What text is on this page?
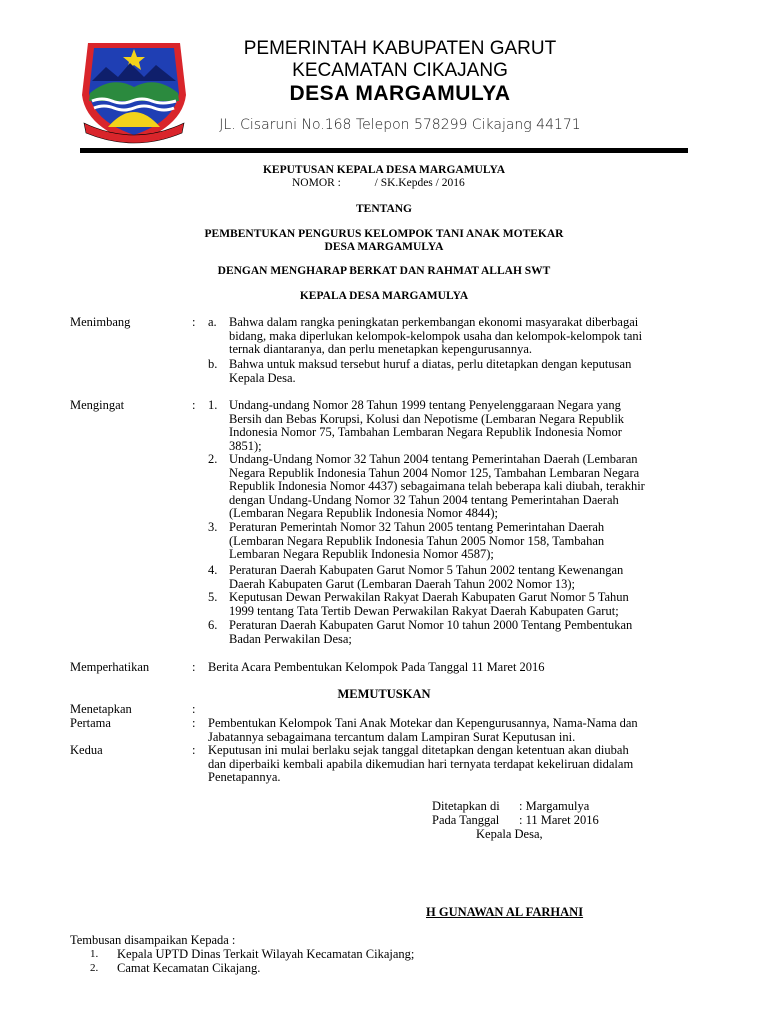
PEMERINTAH KABUPATEN GARUT
KECAMATAN CIKAJANG
DESA MARGAMULYA
JL. Cisaruni No.168 Telepon 578299 Cikajang 44171
KEPUTUSAN KEPALA DESA MARGAMULYA
NOMOR :	/ SK.Kepdes / 2016
TENTANG
PEMBENTUKAN PENGURUS KELOMPOK TANI ANAK MOTEKAR
DESA MARGAMULYA
DENGAN MENGHARAP BERKAT DAN RAHMAT ALLAH SWT
KEPALA DESA MARGAMULYA
Menimbang	: a. Bahwa dalam rangka peningkatan perkembangan ekonomi masyarakat diberbagai
bidang, maka diperlukan kelompok-kelompok usaha dan kelompok-kelompok tani
ternak diantaranya, dan perlu menetapkan kepengurusannya.
b. Bahwa untuk maksud tersebut huruf a diatas, perlu ditetapkan dengan keputusan
Kepala Desa.
Mengingat	: 1. Undang-undang Nomor 28 Tahun 1999 tentang Penyelenggaraan Negara yang
Bersih dan Bebas Korupsi, Kolusi dan Nepotisme (Lembaran Negara Republik
Indonesia Nomor 75, Tambahan Lembaran Negara Republik Indonesia Nomor
3851);
2. Undang-Undang Nomor 32 Tahun 2004 tentang Pemerintahan Daerah (Lembaran
Negara Republik Indonesia Tahun 2004 Nomor 125, Tambahan Lembaran Negara
Republik Indonesia Nomor 4437) sebagaimana telah beberapa kali diubah, terakhir
dengan Undang-Undang Nomor 32 Tahun 2004 tentang Pemerintahan Daerah
(Lembaran Negara Republik Indonesia Nomor 4844);
3. Peraturan Pemerintah Nomor 32 Tahun 2005 tentang Pemerintahan Daerah
(Lembaran Negara Republik Indonesia Tahun 2005 Nomor 158, Tambahan
Lembaran Negara Republik Indonesia Nomor 4587);
4. Peraturan Daerah Kabupaten Garut Nomor 5 Tahun 2002 tentang Kewenangan
Daerah Kabupaten Garut (Lembaran Daerah Tahun 2002 Nomor 13);
5. Keputusan Dewan Perwakilan Rakyat Daerah Kabupaten Garut Nomor 5 Tahun
1999 tentang Tata Tertib Dewan Perwakilan Rakyat Daerah Kabupaten Garut;
6. Peraturan Daerah Kabupaten Garut Nomor 10 tahun 2000 Tentang Pembentukan
Badan Perwakilan Desa;
Memperhatikan	: Berita Acara Pembentukan Kelompok Pada Tanggal 11 Maret 2016
MEMUTUSKAN
Menetapkan	:
Pertama	: Pembentukan Kelompok Tani Anak Motekar dan Kepengurusannya, Nama-Nama dan
Jabatannya sebagaimana tercantum dalam Lampiran Surat Keputusan ini.
Kedua	: Keputusan ini mulai berlaku sejak tanggal ditetapkan dengan ketentuan akan diubah
dan diperbaiki kembali apabila dikemudian hari ternyata terdapat kekeliruan didalam
Penetapannya.
Ditetapkan di : Margamulya
Pada Tanggal : 11 Maret 2016
Kepala Desa,
H GUNAWAN AL FARHANI
Tembusan disampaikan Kepada :
1. Kepala UPTD Dinas Terkait Wilayah Kecamatan Cikajang;
2. Camat Kecamatan Cikajang.
